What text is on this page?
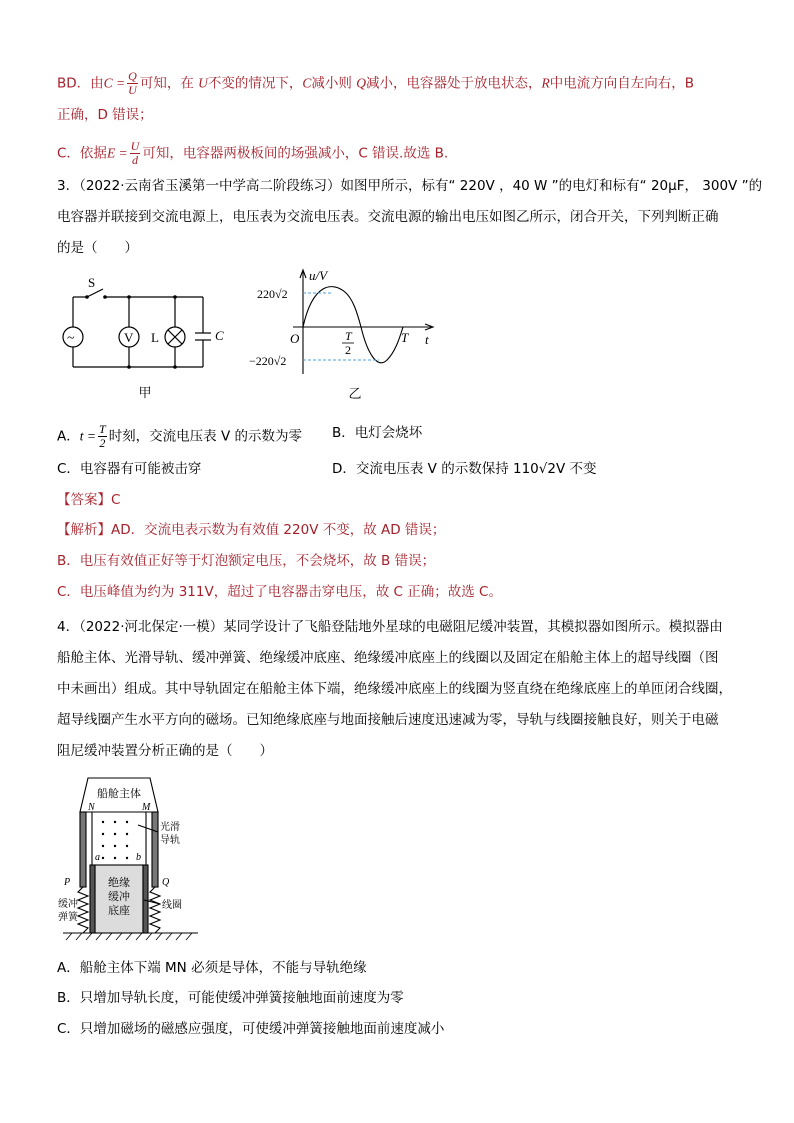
BD．由$C = \frac{Q}{U}$ 可知，在 U不变的情况下，C减小则 Q减小，电容器处于放电状态，R中电流方向自左向右，B
正确，D 错误；
C．依据$E = \frac{U}{d}$ 可知，电容器两极板间的场强减小，C 错误.故选 B.
3．（2022·云南省玉溪第一中学高二阶段练习）如图甲所示，标有“ 220V ，40 W ”的电灯和标有“ 20μF， 300V ”的
电容器并联接到交流电源上，电压表为交流电压表。交流电源的输出电压如图乙所示，闭合开关，下列判断正确
的是（　　）
S
~	V L	C
甲
u/V
t
O
220√2
−220√2
T
2
T
乙
A．$t = \frac{T}{2}$ 时刻，交流电压表 V 的示数为零 B．电灯会烧坏
C．电容器有可能被击穿	D．交流电压表 V 的示数保持 110√2V 不变
【答案】C
【解析】AD．交流电表示数为有效值 220V 不变，故 AD 错误；
B．电压有效值正好等于灯泡额定电压，不会烧坏，故 B 错误；
C．电压峰值为约为 311V，超过了电容器击穿电压，故 C 正确；故选 C。
4．（2022·河北保定·一模）某同学设计了飞船登陆地外星球的电磁阻尼缓冲装置，其模拟器如图所示。模拟器由
船舱主体、光滑导轨、缓冲弹簧、绝缘缓冲底座、绝缘缓冲底座上的线圈以及固定在船舱主体上的超导线圈（图
中未画出）组成。其中导轨固定在船舱主体下端，绝缘缓冲底座上的线圈为竖直绕在绝缘底座上的单匝闭合线圈，
超导线圈产生水平方向的磁场。已知绝缘底座与地面接触后速度迅速减为零，导轨与线圈接触良好，则关于电磁
阻尼缓冲装置分析正确的是（　　）
船舱主体
N	M
光滑
导轨
a	b
P	Q
绝缘
缓冲
底座
缓冲
弹簧
线圈
A．船舱主体下端 MN 必须是导体，不能与导轨绝缘
B．只增加导轨长度，可能使缓冲弹簧接触地面前速度为零
C．只增加磁场的磁感应强度，可使缓冲弹簧接触地面前速度减小
